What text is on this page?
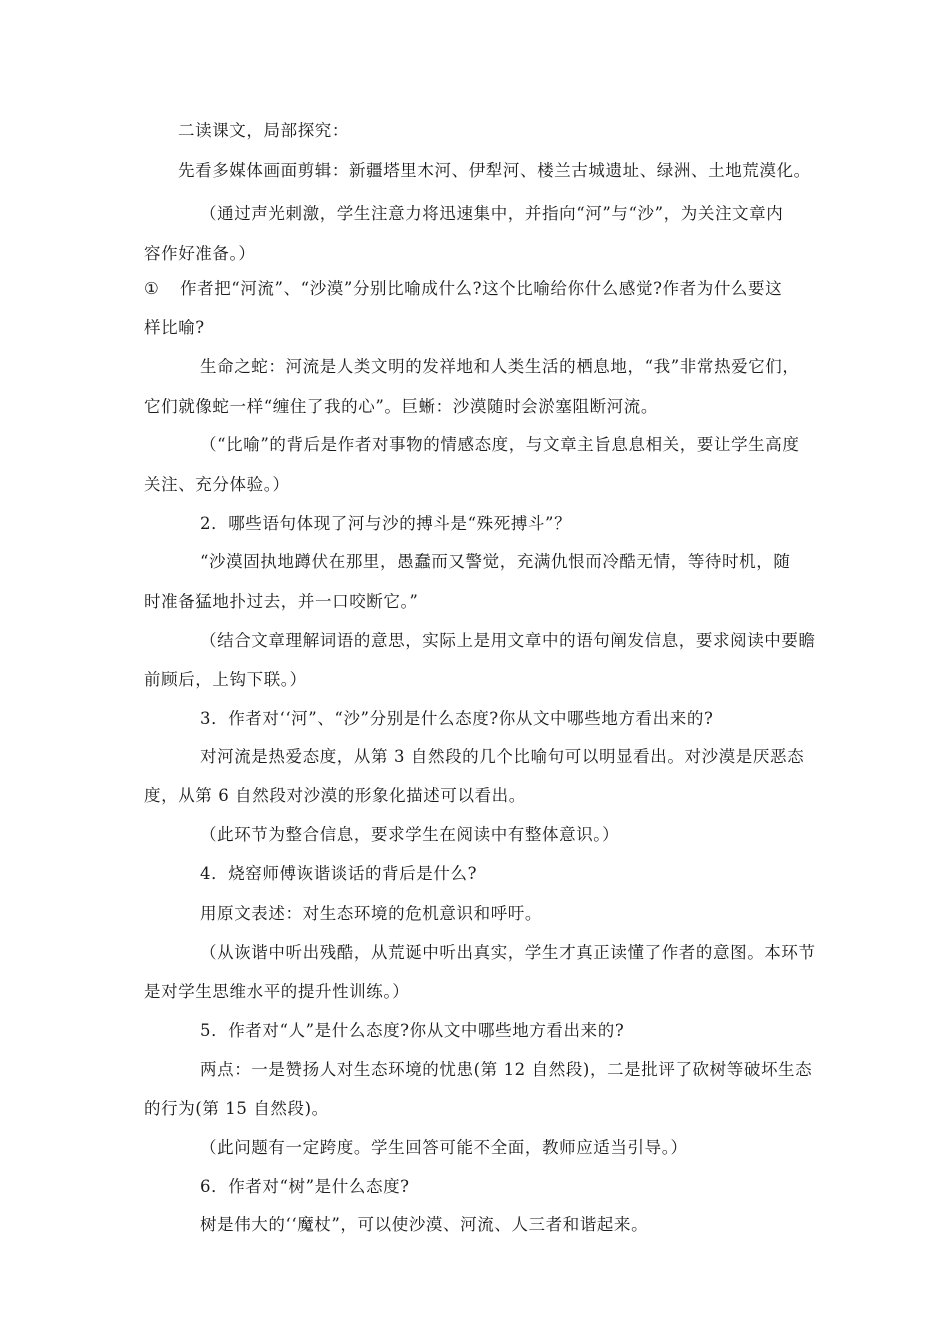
二读课文，局部探究：
先看多媒体画面剪辑：新疆塔里木河、伊犁河、楼兰古城遗址、绿洲、土地荒漠化。
（通过声光刺激，学生注意力将迅速集中，并指向“河”与“沙”，为关注文章内
容作好准备。）
① 作者把“河流”、“沙漠”分别比喻成什么?这个比喻给你什么感觉?作者为什么要这
样比喻?
生命之蛇：河流是人类文明的发祥地和人类生活的栖息地，“我”非常热爱它们，
它们就像蛇一样“缠住了我的心”。巨蜥：沙漠随时会淤塞阻断河流。
（“比喻”的背后是作者对事物的情感态度，与文章主旨息息相关，要让学生高度
关注、充分体验。）
2．哪些语句体现了河与沙的搏斗是“殊死搏斗”？
“沙漠固执地蹲伏在那里，愚蠢而又警觉，充满仇恨而冷酷无情，等待时机，随
时准备猛地扑过去，并一口咬断它。”
（结合文章理解词语的意思，实际上是用文章中的语句阐发信息，要求阅读中要瞻
前顾后，上钩下联。）
3．作者对‘‘河”、“沙”分别是什么态度?你从文中哪些地方看出来的?
对河流是热爱态度，从第 3 自然段的几个比喻句可以明显看出。对沙漠是厌恶态
度，从第 6 自然段对沙漠的形象化描述可以看出。
（此环节为整合信息，要求学生在阅读中有整体意识。）
4．烧窑师傅诙谐谈话的背后是什么?
用原文表述：对生态环境的危机意识和呼吁。
（从诙谐中听出残酷，从荒诞中听出真实，学生才真正读懂了作者的意图。本环节
是对学生思维水平的提升性训练。）
5．作者对“人”是什么态度?你从文中哪些地方看出来的?
两点：一是赞扬人对生态环境的忧患(第 12 自然段)，二是批评了砍树等破坏生态
的行为(第 15 自然段)。
（此问题有一定跨度。学生回答可能不全面，教师应适当引导。）
6．作者对“树”是什么态度?
树是伟大的‘‘魔杖”，可以使沙漠、河流、人三者和谐起来。
